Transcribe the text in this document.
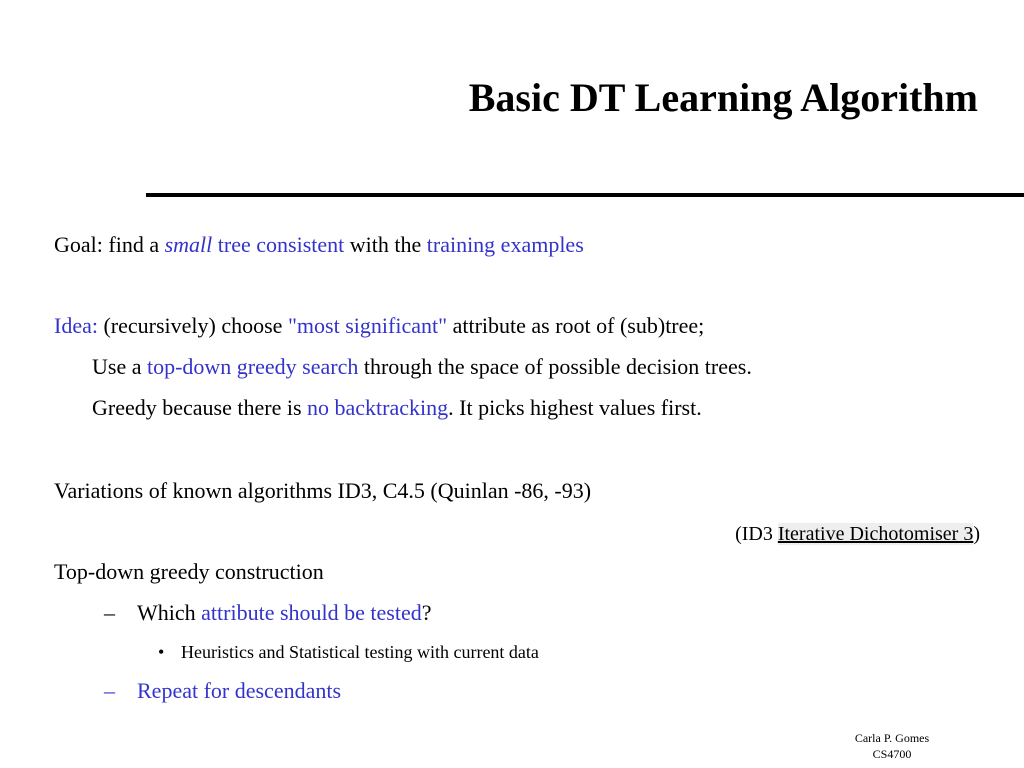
Basic DT Learning Algorithm
Goal: find a small tree consistent with the training examples
Idea: (recursively) choose "most significant" attribute as root of (sub)tree;
Use a top-down greedy search through the space of possible decision trees.
Greedy because there is no backtracking. It picks highest values first.
Variations of known algorithms ID3, C4.5 (Quinlan -86, -93)
(ID3 Iterative Dichotomiser 3)
Top-down greedy construction
– Which attribute should be tested?
• Heuristics and Statistical testing with current data
– Repeat for descendants
Carla P. Gomes
CS4700
